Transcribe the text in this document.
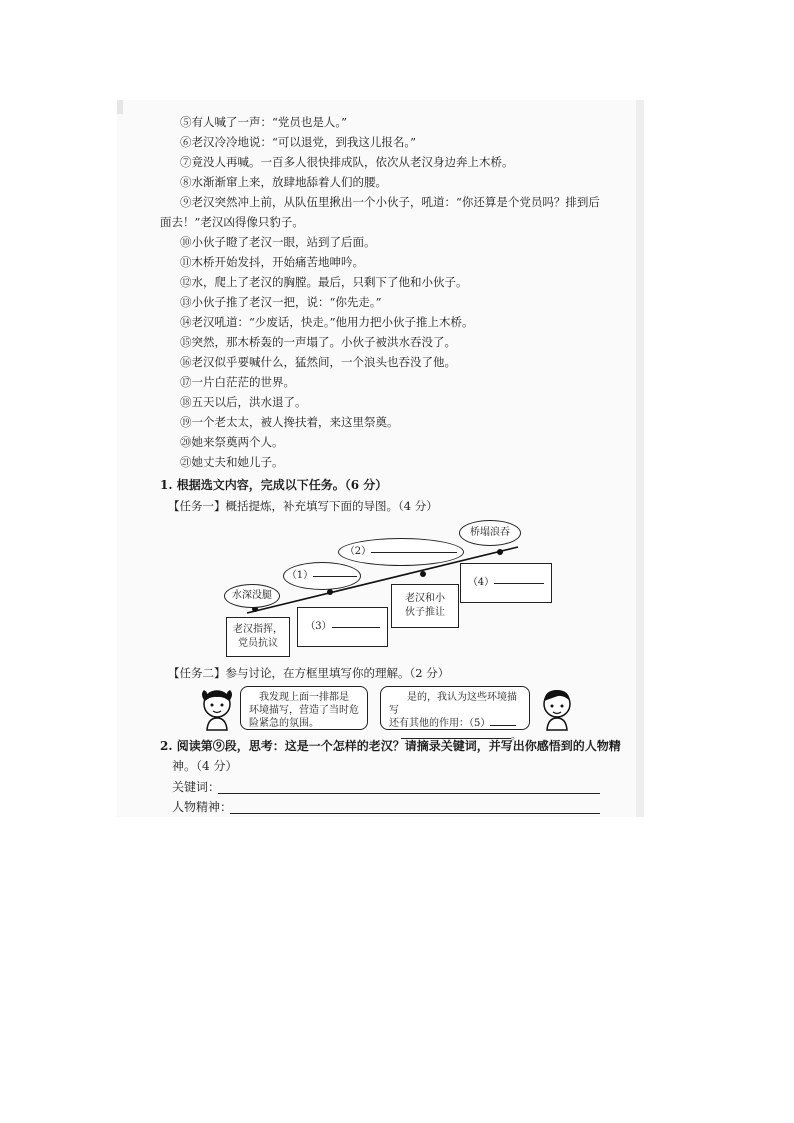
⑤有人喊了一声：“党员也是人。”
⑥老汉冷冷地说：“可以退党，到我这儿报名。”
⑦竟没人再喊。一百多人很快排成队，依次从老汉身边奔上木桥。
⑧水渐渐窜上来，放肆地舔着人们的腰。
⑨老汉突然冲上前，从队伍里揪出一个小伙子，吼道：“你还算是个党员吗？排到后
面去！”老汉凶得像只豹子。
⑩小伙子瞪了老汉一眼，站到了后面。
⑪木桥开始发抖，开始痛苦地呻吟。
⑫水，爬上了老汉的胸膛。最后，只剩下了他和小伙子。
⑬小伙子推了老汉一把，说：“你先走。”
⑭老汉吼道：“少废话，快走。”他用力把小伙子推上木桥。
⑮突然，那木桥轰的一声塌了。小伙子被洪水吞没了。
⑯老汉似乎要喊什么，猛然间，一个浪头也吞没了他。
⑰一片白茫茫的世界。
⑱五天以后，洪水退了。
⑲一个老太太，被人搀扶着，来这里祭奠。
⑳她来祭奠两个人。
㉑她丈夫和她儿子。
1. 根据选文内容，完成以下任务。（6 分）
【任务一】概括提炼，补充填写下面的导图。（4 分）
水深没腿
桥塌浪吞
（1）
（2）
老汉指挥，
党员抗议
（3）
老汉和小
伙子推让
（4）
【任务二】参与讨论，在方框里填写你的理解。（2 分）
我发现上面一排都是
环境描写，营造了当时危
险紧急的氛围。
是的，我认为这些环境描写
还有其他的作用：（5）
。
2. 阅读第⑨段，思考：这是一个怎样的老汉？请摘录关键词，并写出你感悟到的人物精
神。（4 分）
关键词：
人物精神：
